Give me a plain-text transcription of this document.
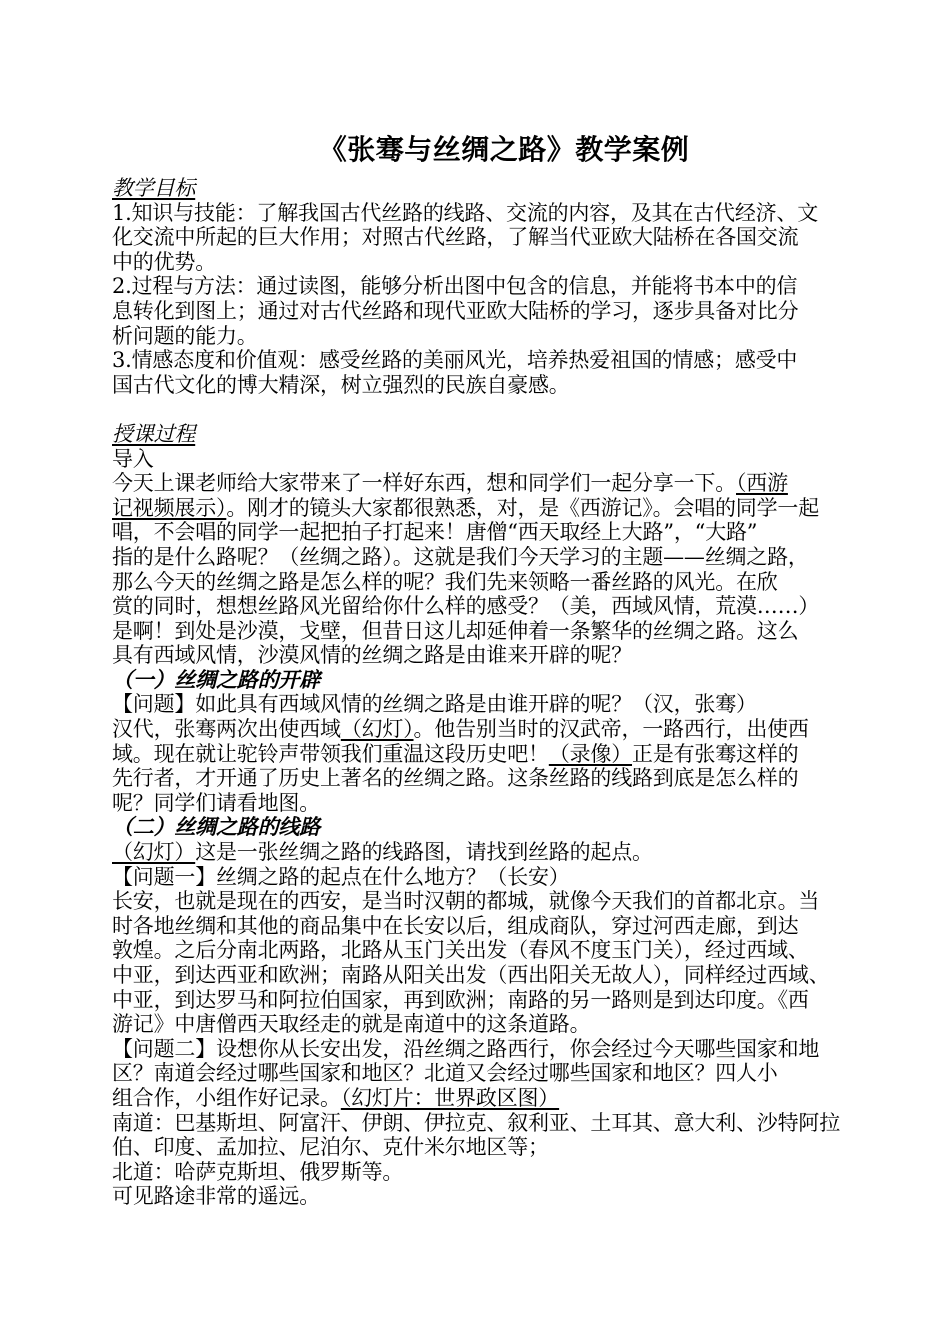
《张骞与丝绸之路》教学案例
教学目标
1.知识与技能：了解我国古代丝路的线路、交流的内容，及其在古代经济、文
化交流中所起的巨大作用；对照古代丝路，了解当代亚欧大陆桥在各国交流
中的优势。
2.过程与方法：通过读图，能够分析出图中包含的信息，并能将书本中的信
息转化到图上；通过对古代丝路和现代亚欧大陆桥的学习，逐步具备对比分
析问题的能力。
3.情感态度和价值观：感受丝路的美丽风光，培养热爱祖国的情感；感受中
国古代文化的博大精深，树立强烈的民族自豪感。
授课过程
导入
今天上课老师给大家带来了一样好东西，想和同学们一起分享一下。（西游
记视频展示）。刚才的镜头大家都很熟悉，对，是《西游记》。会唱的同学一起
唱，不会唱的同学一起把拍子打起来！唐僧“西天取经上大路”，“大路”
指的是什么路呢？（丝绸之路）。这就是我们今天学习的主题——丝绸之路，
那么今天的丝绸之路是怎么样的呢？我们先来领略一番丝路的风光。在欣
赏的同时，想想丝路风光留给你什么样的感受？（美，西域风情，荒漠……）
是啊！到处是沙漠，戈壁，但昔日这儿却延伸着一条繁华的丝绸之路。这么
具有西域风情，沙漠风情的丝绸之路是由谁来开辟的呢？
（一）丝绸之路的开辟
【问题】如此具有西域风情的丝绸之路是由谁开辟的呢？（汉，张骞）
汉代，张骞两次出使西域（幻灯）。他告别当时的汉武帝，一路西行，出使西
域。现在就让驼铃声带领我们重温这段历史吧！（录像）正是有张骞这样的
先行者，才开通了历史上著名的丝绸之路。这条丝路的线路到底是怎么样的
呢？同学们请看地图。
（二）丝绸之路的线路
（幻灯）这是一张丝绸之路的线路图，请找到丝路的起点。
【问题一】丝绸之路的起点在什么地方？（长安）
长安，也就是现在的西安，是当时汉朝的都城，就像今天我们的首都北京。当
时各地丝绸和其他的商品集中在长安以后，组成商队，穿过河西走廊，到达
敦煌。之后分南北两路，北路从玉门关出发（春风不度玉门关），经过西域、
中亚，到达西亚和欧洲；南路从阳关出发（西出阳关无故人），同样经过西域、
中亚，到达罗马和阿拉伯国家，再到欧洲；南路的另一路则是到达印度。《西
游记》中唐僧西天取经走的就是南道中的这条道路。
【问题二】设想你从长安出发，沿丝绸之路西行，你会经过今天哪些国家和地
区？南道会经过哪些国家和地区？北道又会经过哪些国家和地区？四人小
组合作，小组作好记录。（幻灯片：世界政区图）
南道：巴基斯坦、阿富汗、伊朗、伊拉克、叙利亚、土耳其、意大利、沙特阿拉
伯、印度、孟加拉、尼泊尔、克什米尔地区等；
北道：哈萨克斯坦、俄罗斯等。
可见路途非常的遥远。
